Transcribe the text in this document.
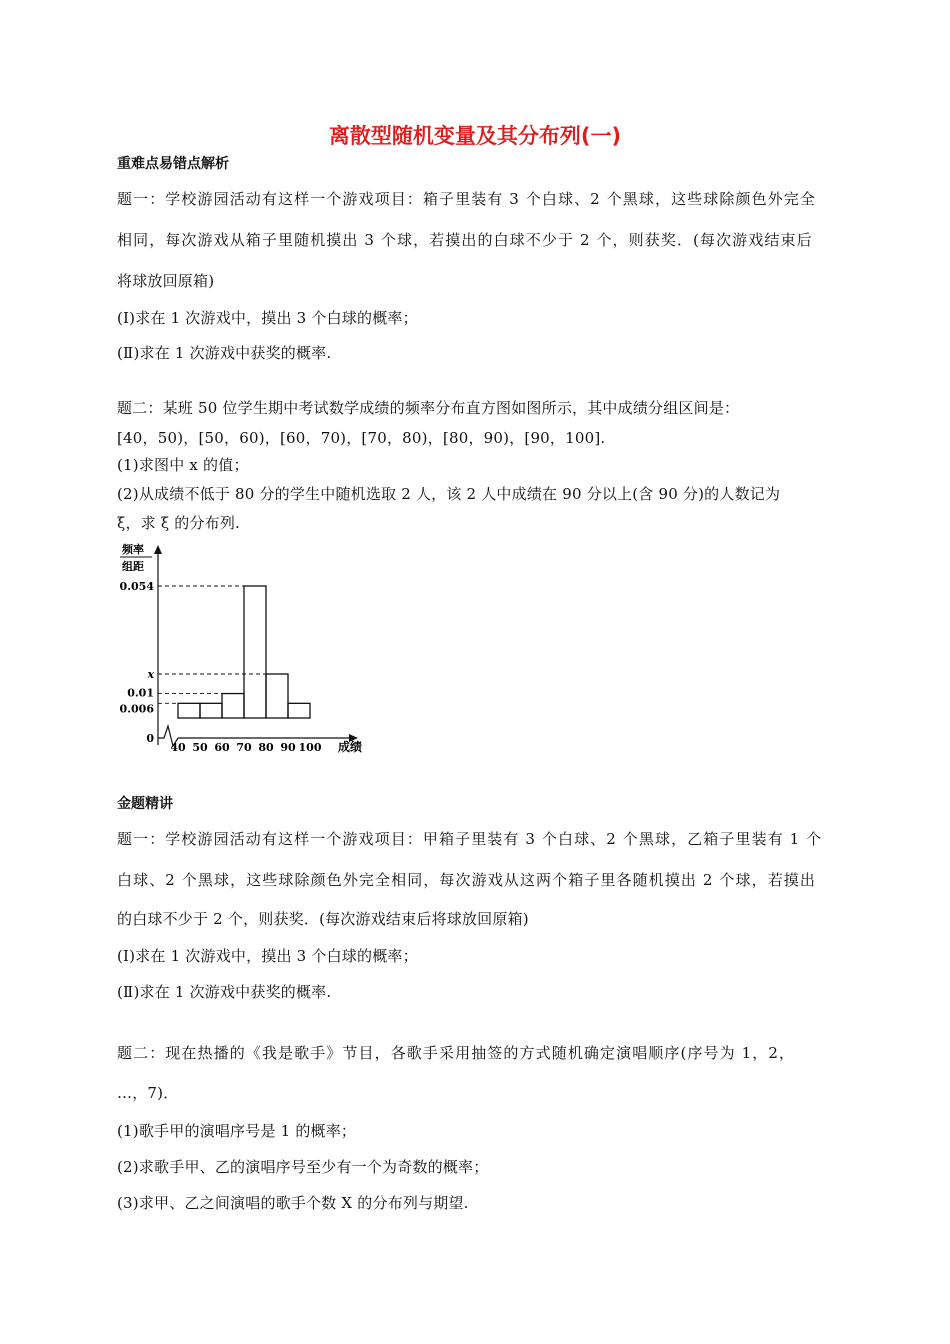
离散型随机变量及其分布列(一)
重难点易错点解析
题一：学校游园活动有这样一个游戏项目：箱子里装有 3 个白球、2 个黑球，这些球除颜色外完全
相同，每次游戏从箱子里随机摸出 3 个球，若摸出的白球不少于 2 个，则获奖．(每次游戏结束后
将球放回原箱)
(Ⅰ)求在 1 次游戏中，摸出 3 个白球的概率；
(Ⅱ)求在 1 次游戏中获奖的概率.
题二：某班 50 位学生期中考试数学成绩的频率分布直方图如图所示，其中成绩分组区间是：
[40，50)，[50，60)，[60，70)，[70，80)，[80，90)，[90，100].
(1)求图中 x 的值；
(2)从成绩不低于 80 分的学生中随机选取 2 人，该 2 人中成绩在 90 分以上(含 90 分)的人数记为
ξ，求 ξ 的分布列.
频率
组距
成绩
0.054
x
0.01
0.006
0
40 50 60 70 80 90 100
金题精讲
题一：学校游园活动有这样一个游戏项目：甲箱子里装有 3 个白球、2 个黑球，乙箱子里装有 1 个
白球、2 个黑球，这些球除颜色外完全相同，每次游戏从这两个箱子里各随机摸出 2 个球，若摸出
的白球不少于 2 个，则获奖．(每次游戏结束后将球放回原箱)
(Ⅰ)求在 1 次游戏中，摸出 3 个白球的概率；
(Ⅱ)求在 1 次游戏中获奖的概率.
题二：现在热播的《我是歌手》节目，各歌手采用抽签的方式随机确定演唱顺序(序号为 1，2，
…，7)．
(1)歌手甲的演唱序号是 1 的概率；
(2)求歌手甲、乙的演唱序号至少有一个为奇数的概率；
(3)求甲、乙之间演唱的歌手个数 X 的分布列与期望.
